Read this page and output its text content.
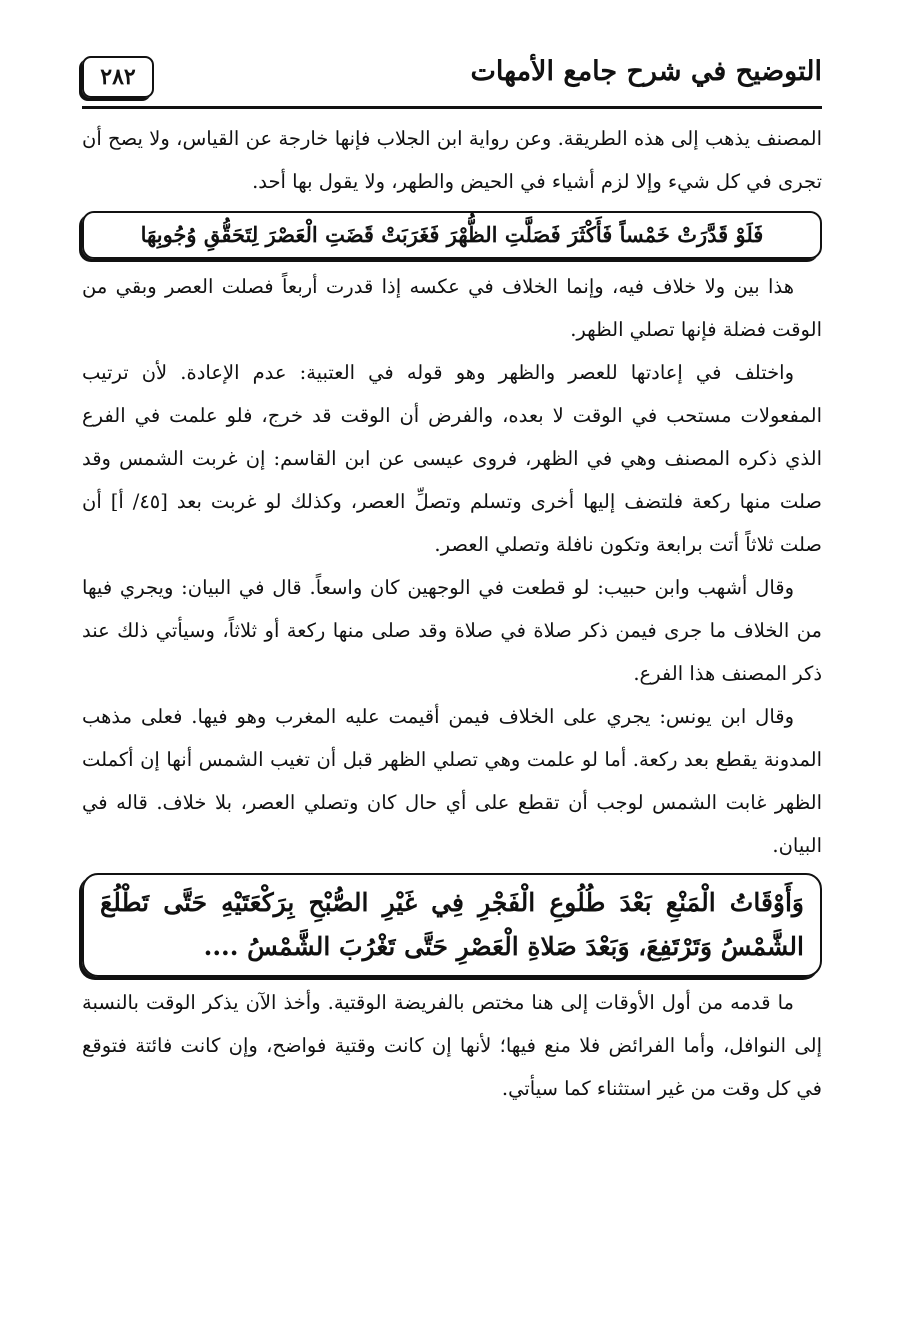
التوضيح في شرح جامع الأمهات
٢٨٢

المصنف يذهب إلى هذه الطريقة. وعن رواية ابن الجلاب فإنها خارجة عن القياس، ولا يصح أن تجرى في كل شيء وإلا لزم أشياء في الحيض والطهر، ولا يقول بها أحد.

فَلَوْ قَدَّرَتْ خَمْساً فَأَكْثَرَ فَصَلَّتِ الظُّهْرَ فَغَرَبَتْ قَضَتِ الْعَصْرَ لِتَحَقُّقِ وُجُوبِهَا

هذا بين ولا خلاف فيه، وإنما الخلاف في عكسه إذا قدرت أربعاً فصلت العصر وبقي من الوقت فضلة فإنها تصلي الظهر.

واختلف في إعادتها للعصر والظهر وهو قوله في العتبية: عدم الإعادة. لأن ترتيب المفعولات مستحب في الوقت لا بعده، والفرض أن الوقت قد خرج، فلو علمت في الفرع الذي ذكره المصنف وهي في الظهر، فروى عيسى عن ابن القاسم: إن غربت الشمس وقد صلت منها ركعة فلتضف إليها أخرى وتسلم وتصلِّ العصر، وكذلك لو غربت بعد [٤٥/ أ] أن صلت ثلاثاً أتت برابعة وتكون نافلة وتصلي العصر.

وقال أشهب وابن حبيب: لو قطعت في الوجهين كان واسعاً. قال في البيان: ويجري فيها من الخلاف ما جرى فيمن ذكر صلاة في صلاة وقد صلى منها ركعة أو ثلاثاً، وسيأتي ذلك عند ذكر المصنف هذا الفرع.

وقال ابن يونس: يجري على الخلاف فيمن أقيمت عليه المغرب وهو فيها. فعلى مذهب المدونة يقطع بعد ركعة. أما لو علمت وهي تصلي الظهر قبل أن تغيب الشمس أنها إن أكملت الظهر غابت الشمس لوجب أن تقطع على أي حال كان وتصلي العصر، بلا خلاف. قاله في البيان.

وَأَوْقَاتُ الْمَنْعِ بَعْدَ طُلُوعِ الْفَجْرِ فِي غَيْرِ الصُّبْحِ بِرَكْعَتَيْهِ حَتَّى تَطْلُعَ الشَّمْسُ وَتَرْتَفِعَ، وَبَعْدَ صَلاةِ الْعَصْرِ حَتَّى تَغْرُبَ الشَّمْسُ ....

ما قدمه من أول الأوقات إلى هنا مختص بالفريضة الوقتية. وأخذ الآن يذكر الوقت بالنسبة إلى النوافل، وأما الفرائض فلا منع فيها؛ لأنها إن كانت وقتية فواضح، وإن كانت فائتة فتوقع في كل وقت من غير استثناء كما سيأتي.
